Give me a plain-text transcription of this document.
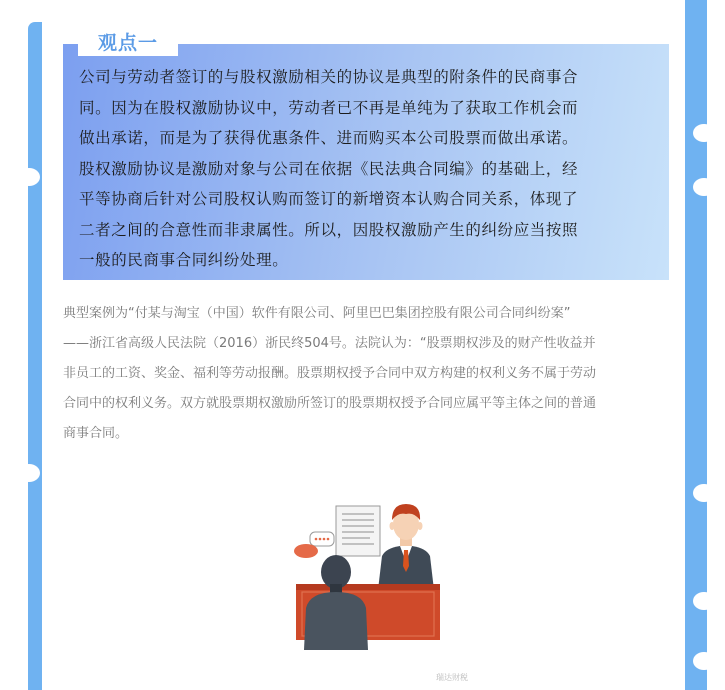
观点一
公司与劳动者签订的与股权激励相关的协议是典型的附条件的民商事合
同。因为在股权激励协议中，劳动者已不再是单纯为了获取工作机会而
做出承诺，而是为了获得优惠条件、进而购买本公司股票而做出承诺。
股权激励协议是激励对象与公司在依据《民法典合同编》的基础上，经
平等协商后针对公司股权认购而签订的新增资本认购合同关系，体现了
二者之间的合意性而非隶属性。所以，因股权激励产生的纠纷应当按照
一般的民商事合同纠纷处理。
典型案例为“付某与淘宝（中国）软件有限公司、阿里巴巴集团控股有限公司合同纠纷案”
——浙江省高级人民法院（2016）浙民终504号。法院认为：“股票期权涉及的财产性收益并
非员工的工资、奖金、福利等劳动报酬。股票期权授予合同中双方构建的权利义务不属于劳动
合同中的权利义务。双方就股票期权激励所签订的股票期权授予合同应属平等主体之间的普通
商事合同。
瑞达财税
